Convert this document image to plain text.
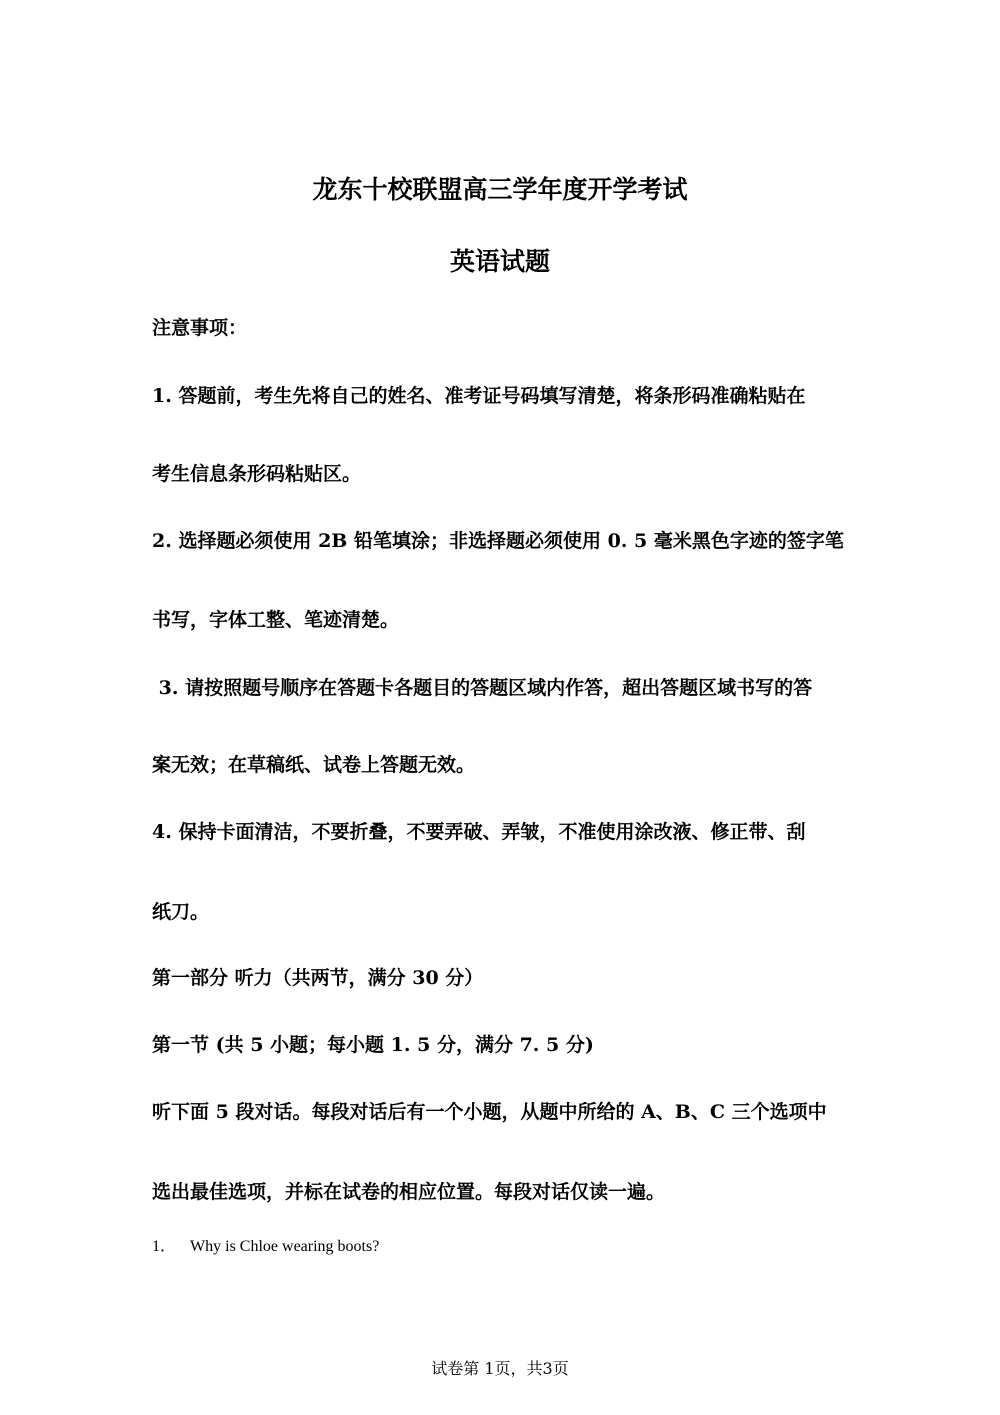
龙东十校联盟高三学年度开学考试
英语试题

注意事项：

1. 答题前，考生先将自己的姓名、准考证号码填写清楚，将条形码准确粘贴在

考生信息条形码粘贴区。

2. 选择题必须使用 2B 铅笔填涂；非选择题必须使用 0. 5 毫米黑色字迹的签字笔

书写，字体工整、笔迹清楚。

3. 请按照题号顺序在答题卡各题目的答题区域内作答，超出答题区域书写的答

案无效；在草稿纸、试卷上答题无效。

4. 保持卡面清洁，不要折叠，不要弄破、弄皱，不准使用涂改液、修正带、刮

纸刀。

第一部分 听力（共两节，满分 30 分）

第一节 (共 5 小题；每小题 1. 5 分，满分 7. 5 分)

听下面 5 段对话。每段对话后有一个小题，从题中所给的 A、B、C 三个选项中

选出最佳选项，并标在试卷的相应位置。每段对话仅读一遍。

1． Why is Chloe wearing boots?

试卷第 1页，共3页
